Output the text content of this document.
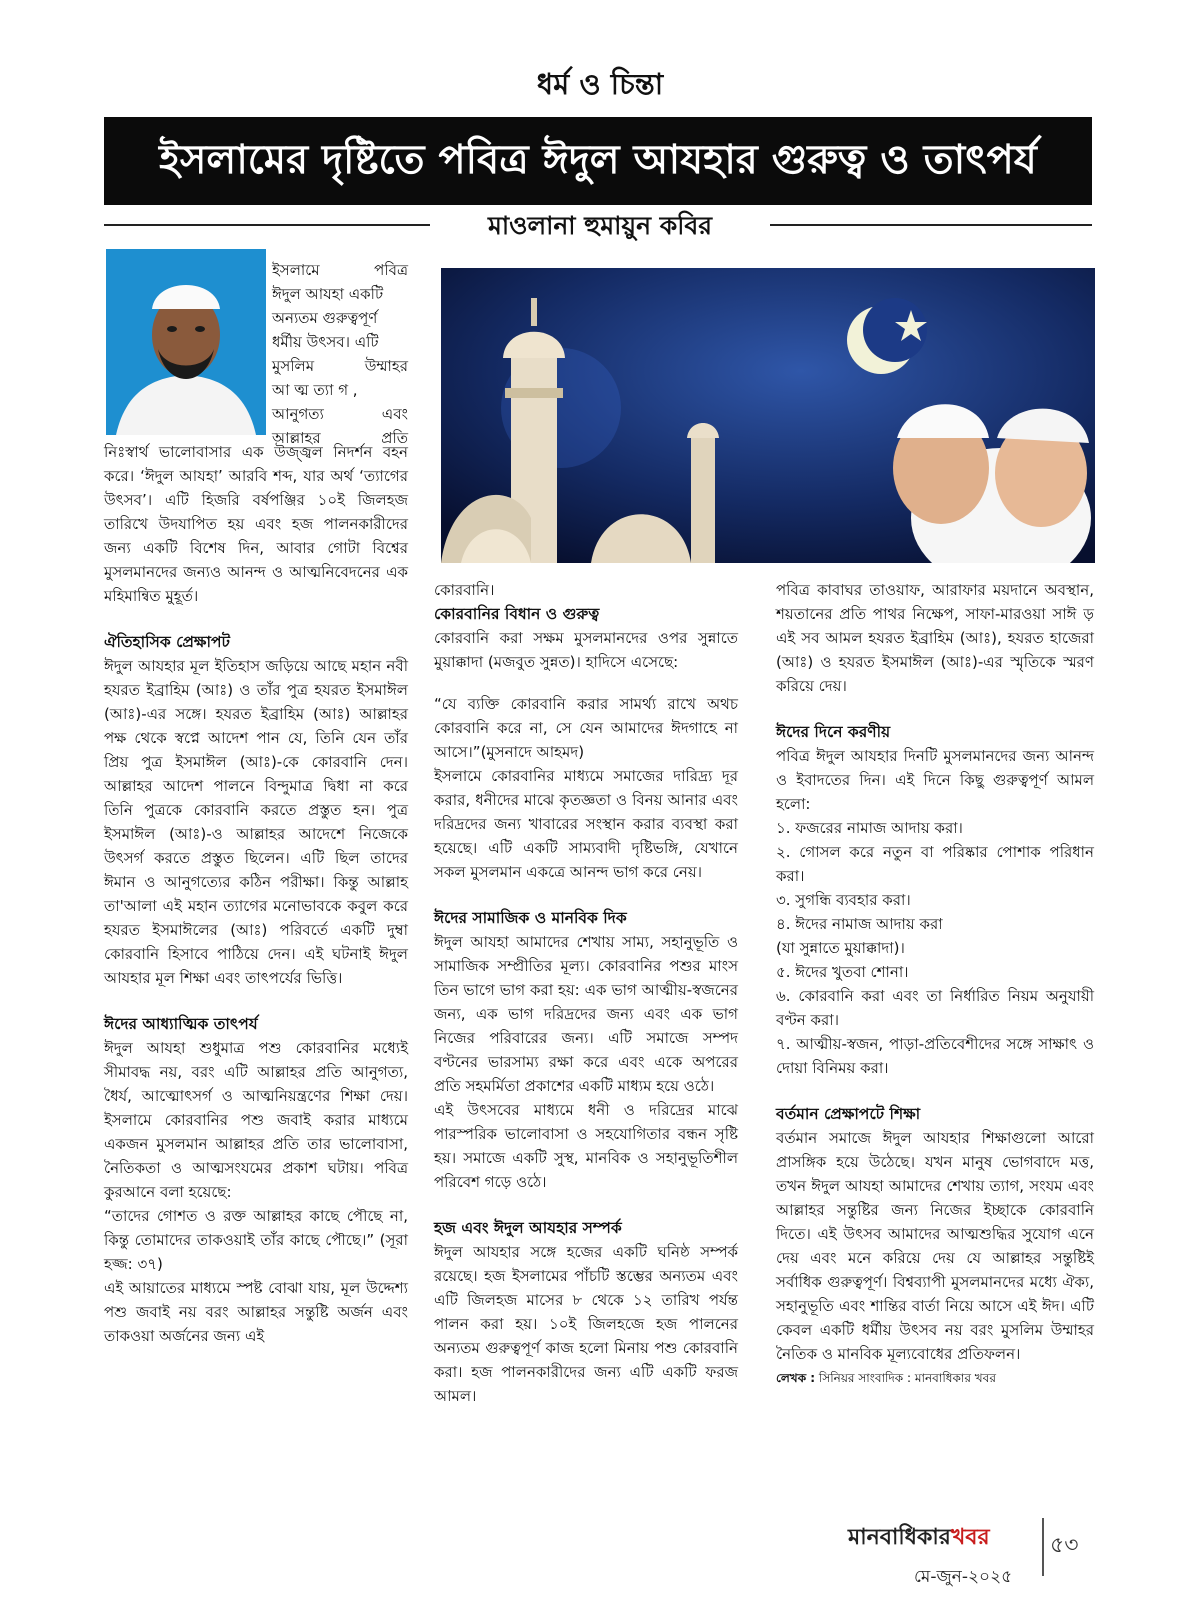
ধর্ম ও চিন্তা
ইসলামের দৃষ্টিতে পবিত্র ঈদুল আযহার গুরুত্ব ও তাৎপর্য
মাওলানা হুমায়ুন কবির
ইসলামে	পবিত্র
ঈদুল আযহা একটি
অন্যতম গুরুত্বপূর্ণ
ধর্মীয় উৎসব। এটি
মুসলিম	উম্মাহর
আ ত্ম ত্যা গ ,
আনুগত্য	এবং
আল্লাহর	প্রতি

নিঃস্বার্থ ভালোবাসার এক উজ্জ্বল নিদর্শন বহন করে। ‘ঈদুল আযহা’ আরবি শব্দ, যার অর্থ ‘ত্যাগের উৎসব’। এটি হিজরি বর্ষপঞ্জির ১০ই জিলহজ তারিখে উদযাপিত হয় এবং হজ পালনকারীদের জন্য একটি বিশেষ দিন, আবার গোটা বিশ্বের মুসলমানদের জন্যও আনন্দ ও আত্মনিবেদনের এক মহিমান্বিত মুহূর্ত।

ঐতিহাসিক প্রেক্ষাপট

ঈদুল আযহার মূল ইতিহাস জড়িয়ে আছে মহান নবী হযরত ইব্রাহিম (আঃ) ও তাঁর পুত্র হযরত ইসমাঈল (আঃ)-এর সঙ্গে। হযরত ইব্রাহিম (আঃ) আল্লাহর পক্ষ থেকে স্বপ্নে আদেশ পান যে, তিনি যেন তাঁর প্রিয় পুত্র ইসমাঈল (আঃ)-কে কোরবানি দেন। আল্লাহর আদেশ পালনে বিন্দুমাত্র দ্বিধা না করে তিনি পুত্রকে কোরবানি করতে প্রস্তুত হন। পুত্র ইসমাঈল (আঃ)-ও আল্লাহর আদেশে নিজেকে উৎসর্গ করতে প্রস্তুত ছিলেন। এটি ছিল তাদের ঈমান ও আনুগত্যের কঠিন পরীক্ষা। কিন্তু আল্লাহ তা'আলা এই মহান ত্যাগের মনোভাবকে কবুল করে হযরত ইসমাঈলের (আঃ) পরিবর্তে একটি দুম্বা কোরবানি হিসাবে পাঠিয়ে দেন। এই ঘটনাই ঈদুল আযহার মূল শিক্ষা এবং তাৎপর্যের ভিত্তি।

ঈদের আধ্যাত্মিক তাৎপর্য

ঈদুল আযহা শুধুমাত্র পশু কোরবানির মধ্যেই সীমাবদ্ধ নয়, বরং এটি আল্লাহর প্রতি আনুগত্য, ধৈর্য, আত্মোৎসর্গ ও আত্মনিয়ন্ত্রণের শিক্ষা দেয়। ইসলামে কোরবানির পশু জবাই করার মাধ্যমে একজন মুসলমান আল্লাহর প্রতি তার ভালোবাসা, নৈতিকতা ও আত্মসংযমের প্রকাশ ঘটায়। পবিত্র কুরআনে বলা হয়েছে:

“তাদের গোশত ও রক্ত আল্লাহর কাছে পৌছে না, কিন্তু তোমাদের তাকওয়াই তাঁর কাছে পৌছে।” (সূরা হজ্জ: ৩৭)

এই আয়াতের মাধ্যমে স্পষ্ট বোঝা যায়, মূল উদ্দেশ্য পশু জবাই নয় বরং আল্লাহর সন্তুষ্টি অর্জন এবং তাকওয়া অর্জনের জন্য এই

কোরবানি।

কোরবানির বিধান ও গুরুত্ব

কোরবানি করা সক্ষম মুসলমানদের ওপর সুন্নাতে মুয়াক্কাদা (মজবুত সুন্নত)। হাদিসে এসেছে:

“যে ব্যক্তি কোরবানি করার সামর্থ্য রাখে অথচ কোরবানি করে না, সে যেন আমাদের ঈদগাহে না আসে।”(মুসনাদে আহমদ)

ইসলামে কোরবানির মাধ্যমে সমাজের দারিদ্র্য দূর করার, ধনীদের মাঝে কৃতজ্ঞতা ও বিনয় আনার এবং দরিদ্রদের জন্য খাবারের সংস্থান করার ব্যবস্থা করা হয়েছে। এটি একটি সাম্যবাদী দৃষ্টিভঙ্গি, যেখানে সকল মুসলমান একত্রে আনন্দ ভাগ করে নেয়।

ঈদের সামাজিক ও মানবিক দিক

ঈদুল আযহা আমাদের শেখায় সাম্য, সহানুভূতি ও সামাজিক সম্প্রীতির মূল্য। কোরবানির পশুর মাংস তিন ভাগে ভাগ করা হয়: এক ভাগ আত্মীয়-স্বজনের জন্য, এক ভাগ দরিদ্রদের জন্য এবং এক ভাগ নিজের পরিবারের জন্য। এটি সমাজে সম্পদ বণ্টনের ভারসাম্য রক্ষা করে এবং একে অপরের প্রতি সহমর্মিতা প্রকাশের একটি মাধ্যম হয়ে ওঠে।

এই উৎসবের মাধ্যমে ধনী ও দরিদ্রের মাঝে পারস্পরিক ভালোবাসা ও সহযোগিতার বন্ধন সৃষ্টি হয়। সমাজে একটি সুস্থ, মানবিক ও সহানুভূতিশীল পরিবেশ গড়ে ওঠে।

হজ এবং ঈদুল আযহার সম্পর্ক

ঈদুল আযহার সঙ্গে হজের একটি ঘনিষ্ঠ সম্পর্ক রয়েছে। হজ ইসলামের পাঁচটি স্তম্ভের অন্যতম এবং এটি জিলহজ মাসের ৮ থেকে ১২ তারিখ পর্যন্ত পালন করা হয়। ১০ই জিলহজে হজ পালনের অন্যতম গুরুত্বপূর্ণ কাজ হলো মিনায় পশু কোরবানি করা। হজ পালনকারীদের জন্য এটি একটি ফরজ আমল।

পবিত্র কাবাঘর তাওয়াফ, আরাফার ময়দানে অবস্থান, শয়তানের প্রতি পাথর নিক্ষেপ, সাফা-মারওয়া সাঈ ড় এই সব আমল হযরত ইব্রাহিম (আঃ), হযরত হাজেরা (আঃ) ও হযরত ইসমাঈল (আঃ)-এর স্মৃতিকে স্মরণ করিয়ে দেয়।

ঈদের দিনে করণীয়

পবিত্র ঈদুল আযহার দিনটি মুসলমানদের জন্য আনন্দ ও ইবাদতের দিন। এই দিনে কিছু গুরুত্বপূর্ণ আমল হলো:

১. ফজরের নামাজ আদায় করা।

২. গোসল করে নতুন বা পরিষ্কার পোশাক পরিধান করা।

৩. সুগন্ধি ব্যবহার করা।

৪. ঈদের নামাজ আদায় করা

(যা সুন্নাতে মুয়াক্কাদা)।

৫. ঈদের খুতবা শোনা।

৬. কোরবানি করা এবং তা নির্ধারিত নিয়ম অনুযায়ী বণ্টন করা।

৭. আত্মীয়-স্বজন, পাড়া-প্রতিবেশীদের সঙ্গে সাক্ষাৎ ও দোয়া বিনিময় করা।

বর্তমান প্রেক্ষাপটে শিক্ষা

বর্তমান সমাজে ঈদুল আযহার শিক্ষাগুলো আরো প্রাসঙ্গিক হয়ে উঠেছে। যখন মানুষ ভোগবাদে মত্ত, তখন ঈদুল আযহা আমাদের শেখায় ত্যাগ, সংযম এবং আল্লাহর সন্তুষ্টির জন্য নিজের ইচ্ছাকে কোরবানি দিতে। এই উৎসব আমাদের আত্মশুদ্ধির সুযোগ এনে দেয় এবং মনে করিয়ে দেয় যে আল্লাহর সন্তুষ্টিই সর্বাধিক গুরুত্বপূর্ণ। বিশ্বব্যাপী মুসলমানদের মধ্যে ঐক্য, সহানুভূতি এবং শান্তির বার্তা নিয়ে আসে এই ঈদ। এটি কেবল একটি ধর্মীয় উৎসব নয় বরং মুসলিম উম্মাহর নৈতিক ও মানবিক মূল্যবোধের প্রতিফলন।

লেখক : সিনিয়র সাংবাদিক : মানবাধিকার খবর

মানবাধিকারখবর
মে-জুন-২০২৫
৫৩
